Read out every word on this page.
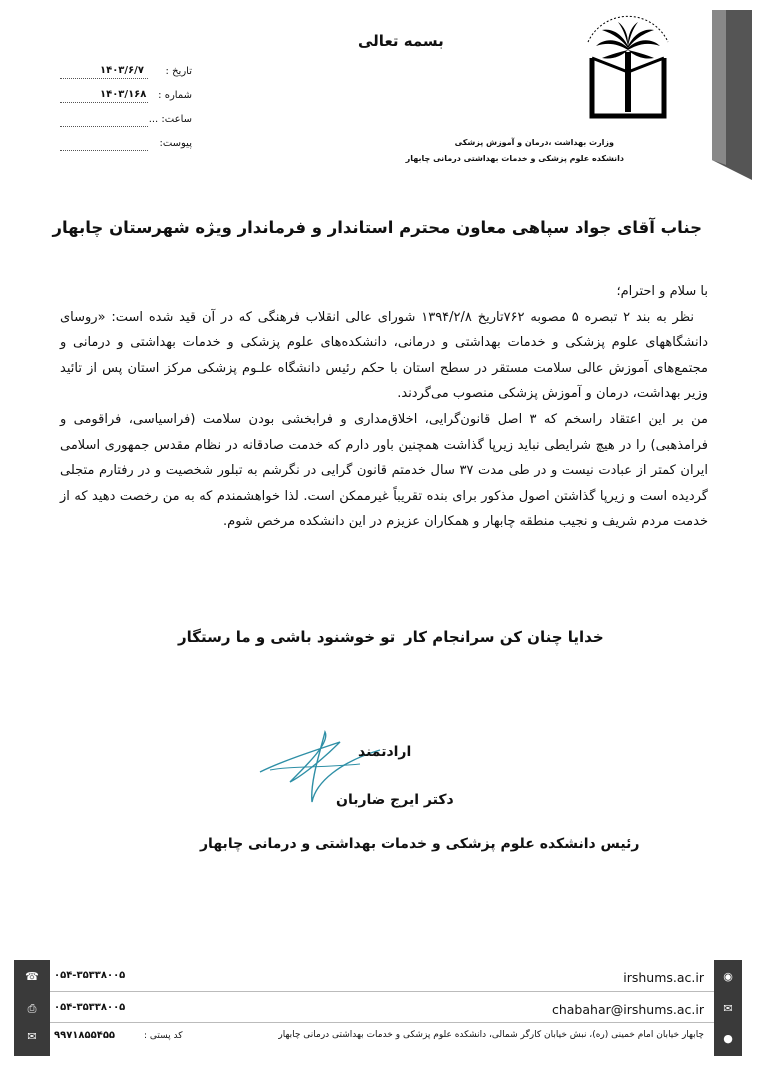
وزارت بهداشت ،درمان و آموزش پزشکی
دانشکده علوم پزشکی و خدمات بهداشتی درمانی چابهار
بسمه تعالی
تاریخ :
۱۴۰۳/۶/۷
شماره :
۱۴۰۳/۱۶۸
ساعت: ...
پیوست:
جناب آقای جواد سپاهی معاون محترم استاندار و فرماندار ویژه شهرستان چابهار

با سلام و احترام؛

نظر به بند ۲ تبصره ۵ مصوبه ۷۶۲تاریخ ۱۳۹۴/۲/۸ شورای عالی انقلاب فرهنگی که در آن قید شده است: «روسای دانشگاههای علوم پزشکی و خدمات بهداشتی و درمانی، دانشکده‌های علوم پزشکی و خدمات بهداشتی و درمانی و مجتمع‌های آموزش عالی سلامت مستقر در سطح استان با حکم رئیس دانشگاه علـوم پزشکی مرکز استان پس از تائید وزیر بهداشت، درمان و آموزش پزشکی منصوب می‌گردند.

من بر این اعتقاد راسخم که ۳ اصل قانون‌گرایی، اخلاق‌مداری و فرابخشی بودن سلامت (فراسیاسی، فراقومی و فرامذهبی) را در هیچ شرایطی نباید زیرپا گذاشت همچنین باور دارم که خدمت صادقانه در نظام مقدس جمهوری اسلامی ایران کمتر از عبادت نیست و در طی مدت ۳۷ سال خدمتم قانون گرایی در نگرشم به تبلور شخصیت و در رفتارم متجلی گردیده است و زیرپا گذاشتن اصول مذکور برای بنده تقریباً غیرممکن است. لذا خواهشمندم که به من رخصت دهید که از خدمت مردم شریف و نجیب منطقه چابهار و همکاران عزیزم در این دانشکده مرخص شوم.

خدایا چنان کن سرانجام کار
تو خوشنود باشی و ما رستگار
ارادتمند
دکتر ایرج ضاربان
رئیس دانشکده علوم پزشکی و خدمات بهداشتی و درمانی چابهار
☎
⎙
✉
◉
✉
●
۰۵۴-۳۵۳۳۸۰۰۵
۰۵۴-۳۵۳۳۸۰۰۵
۹۹۷۱۸۵۵۴۵۵	کد پستی :
irshums.ac.ir
chabahar@irshums.ac.ir
چابهار خیابان امام خمینی (ره)، نبش خیابان کارگر شمالی، دانشکده علوم پزشکی و خدمات بهداشتی درمانی چابهار
